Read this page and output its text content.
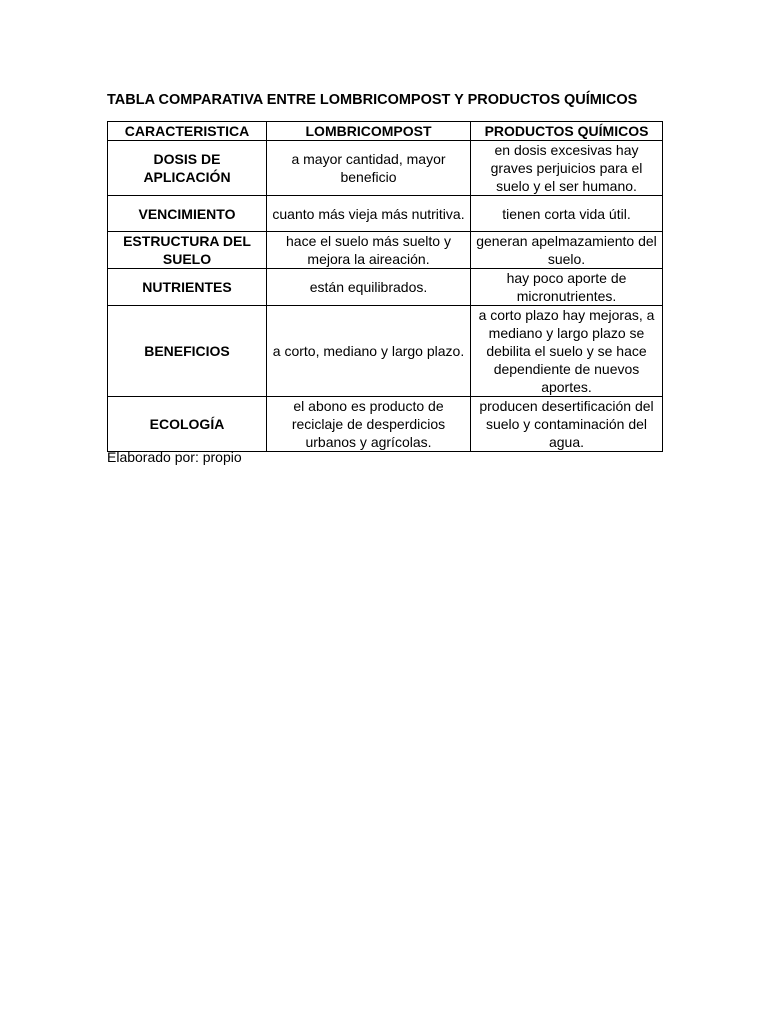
TABLA COMPARATIVA ENTRE LOMBRICOMPOST Y PRODUCTOS QUÍMICOS
CARACTERISTICA	LOMBRICOMPOST	PRODUCTOS QUÍMICOS
DOSIS DE APLICACIÓN	a mayor cantidad, mayor beneficio	en dosis excesivas hay graves perjuicios para el suelo y el ser humano.
VENCIMIENTO	cuanto más vieja más nutritiva.	tienen corta vida útil.
ESTRUCTURA DEL SUELO	hace el suelo más suelto y mejora la aireación.	generan apelmazamiento del suelo.
NUTRIENTES	están equilibrados.	hay poco aporte de micronutrientes.
BENEFICIOS	a corto, mediano y largo plazo.	a corto plazo hay mejoras, a mediano y largo plazo se debilita el suelo y se hace dependiente de nuevos aportes.
ECOLOGÍA	el abono es producto de reciclaje de desperdicios urbanos y agrícolas.	producen desertificación del suelo y contaminación del agua.
Elaborado por: propio
